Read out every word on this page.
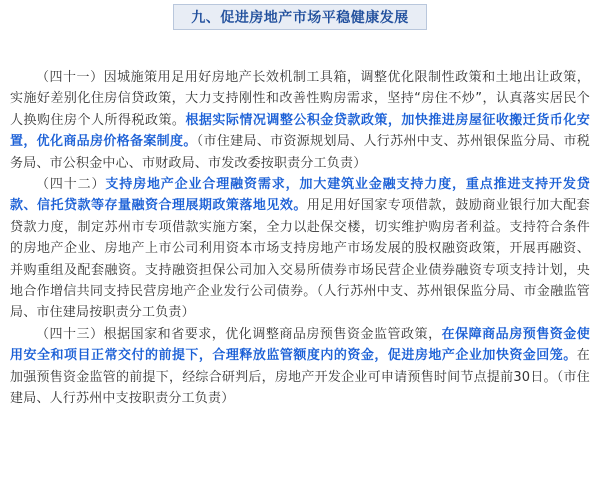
九、促进房地产市场平稳健康发展

（四十一）因城施策用足用好房地产长效机制工具箱，调整优化限制性政策和土地出让政策，实施好差别化住房信贷政策，大力支持刚性和改善性购房需求，坚持“房住不炒”，认真落实居民个人换购住房个人所得税政策。根据实际情况调整公积金贷款政策，加快推进房屋征收搬迁货币化安置，优化商品房价格备案制度。（市住建局、市资源规划局、人行苏州中支、苏州银保监分局、市税务局、市公积金中心、市财政局、市发改委按职责分工负责）

（四十二）支持房地产企业合理融资需求，加大建筑业金融支持力度，重点推进支持开发贷款、信托贷款等存量融资合理展期政策落地见效。用足用好国家专项借款，鼓励商业银行加大配套贷款力度，制定苏州市专项借款实施方案，全力以赴保交楼，切实维护购房者利益。支持符合条件的房地产企业、房地产上市公司利用资本市场支持房地产市场发展的股权融资政策，开展再融资、并购重组及配套融资。支持融资担保公司加入交易所债券市场民营企业债券融资专项支持计划，央地合作增信共同支持民营房地产企业发行公司债券。（人行苏州中支、苏州银保监分局、市金融监管局、市住建局按职责分工负责）

（四十三）根据国家和省要求，优化调整商品房预售资金监管政策，在保障商品房预售资金使用安全和项目正常交付的前提下，合理释放监管额度内的资金，促进房地产企业加快资金回笼。在加强预售资金监管的前提下，经综合研判后，房地产开发企业可申请预售时间节点提前30日。（市住建局、人行苏州中支按职责分工负责）
